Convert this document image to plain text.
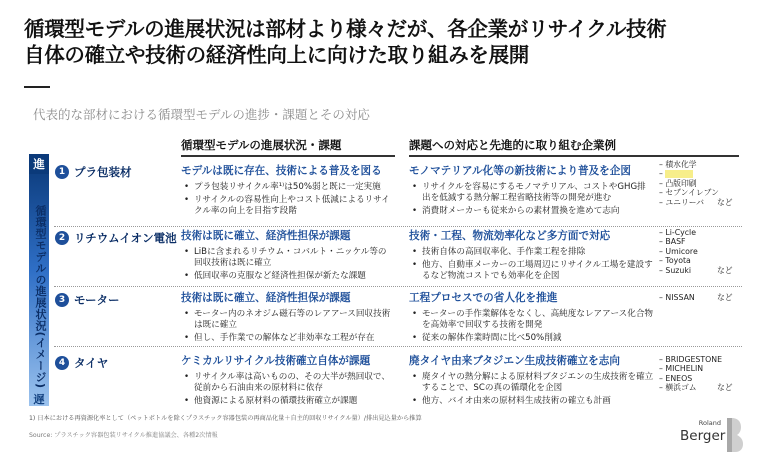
循環型モデルの進展状況は部材より様々だが、各企業がリサイクル技術
自体の確立や技術の経済性向上に向けた取り組みを展開
代表的な部材における循環型モデルの進捗・課題とその対応
循環型モデルの進展状況・課題	課題への対応と先進的に取り組む企業例
進
循環型モデルの進展状況(イメージ)
遅
1 プラ包装材	モデルは既に存在、技術による普及を図る
• プラ包装リサイクル率¹⁾は50%弱と既に一定実施
• リサイクルの容易性向上やコスト低減によるリサイクル率の向上を目指す段階
モノマテリアル化等の新技術により普及を企図
• リサイクルを容易にするモノマテリアル、コストやGHG排出を低減する熱分解工程省略技術等の開発が進む
• 消費財メーカーも従来からの素材置換を進めて志向
– 積水化学
–
– 凸版印刷
– セブンイレブン
– ユニリーバ など
2 リチウムイオン電池 技術は既に確立、経済性担保が課題
• LiBに含まれるリチウム・コバルト・ニッケル等の回収技術は既に確立
• 低回収率の克服など経済性担保が新たな課題
技術・工程、物流効率化など多方面で対応
• 技術自体の高回収率化、手作業工程を排除
• 他方、自動車メーカーの工場周辺にリサイクル工場を建設するなど物流コストでも効率化を企図
– Li-Cycle
– BASF
– Umicore
– Toyota
– Suzuki	など
3 モーター	技術は既に確立、経済性担保が課題
• モーター内のネオジム磁石等のレアアース回収技術は既に確立
• 但し、手作業での解体など非効率な工程が存在
工程プロセスでの省人化を推進
• モーターの手作業解体をなくし、高純度なレアアース化合物を高効率で回収する技術を開発
• 従来の解体作業時間に比べ50%削減
– NISSAN	など
4 タイヤ	ケミカルリサイクル技術確立自体が課題
• リサイクル率は高いものの、その大半が熱回収で、従前から石油由来の原材料に依存
• 他資源による原材料の循環技術確立が課題
廃タイヤ由来ブタジエン生成技術確立を志向
• 廃タイヤの熱分解による原材料ブタジエンの生成技術を確立することで、SCの真の循環化を企図
• 他方、バイオ由来の原材料生成技術の確立も計画
– BRIDGESTONE
– MICHELIN
– ENEOS
– 横浜ゴム	など
1) 日本における再資源化率として（ペットボトルを除くプラスチック容器包装の再商品化量＋自主的回収リサイクル量）/排出見込量から推算
Source: プラスチック容器包装リサイクル推進協議会、各種2次情報
Roland
Berger
